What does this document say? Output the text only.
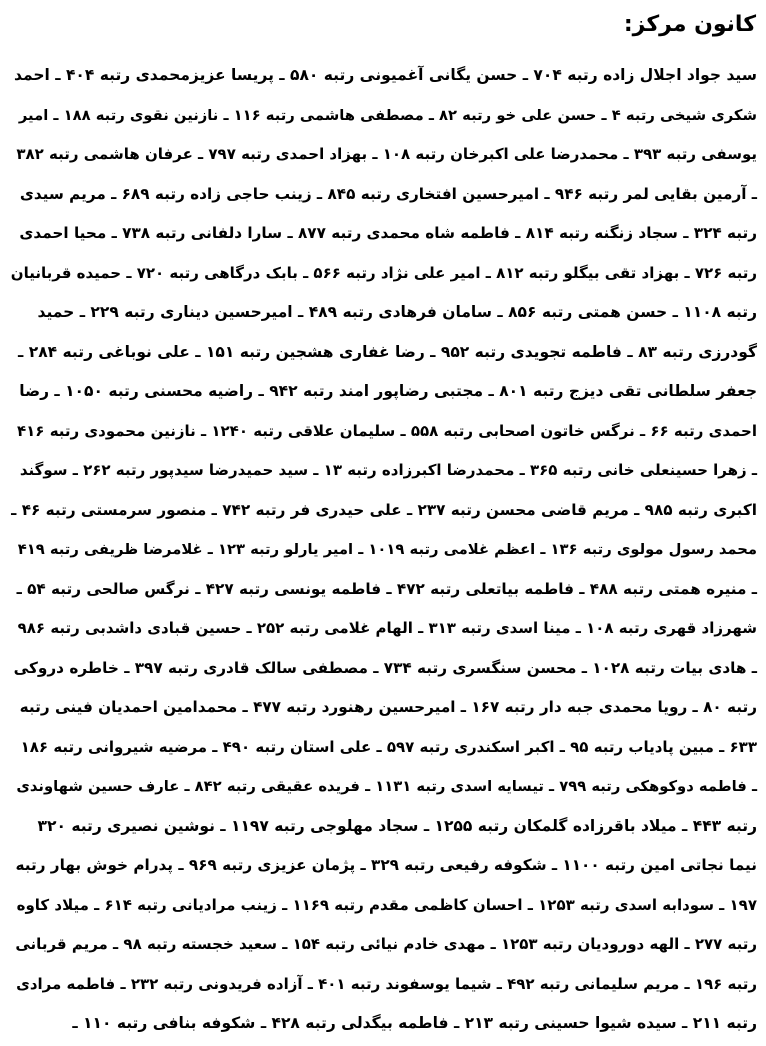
کانون مرکز:
سید جواد اجلال زاده رتبه ۷۰۴ ـ حسن یگانی آغمیونی رتبه ۵۸۰ ـ پریسا عزیزمحمدی رتبه ۴۰۴ ـ احمد
شکری شیخی رتبه ۴ ـ حسن علی خو رتبه ۸۲ ـ مصطفی هاشمی رتبه ۱۱۶ ـ نازنین نقوی رتبه ۱۸۸ ـ امیر
یوسفی رتبه ۳۹۳ ـ محمدرضا علی اکبرخان رتبه ۱۰۸ ـ بهزاد احمدی رتبه ۷۹۷ ـ عرفان هاشمی رتبه ۳۸۲
ـ آرمین بقایی لمر رتبه ۹۴۶ ـ امیرحسین افتخاری رتبه ۸۴۵ ـ زینب حاجی زاده رتبه ۶۸۹ ـ مریم سیدی
رتبه ۳۲۴ ـ سجاد زنگنه رتبه ۸۱۴ ـ فاطمه شاه محمدی رتبه ۸۷۷ ـ سارا دلفانی رتبه ۷۳۸ ـ محیا احمدی
رتبه ۷۲۶ ـ بهزاد تقی بیگلو رتبه ۸۱۲ ـ امیر علی نژاد رتبه ۵۶۶ ـ بابک درگاهی رتبه ۷۲۰ ـ حمیده قربانیان
رتبه ۱۱۰۸ ـ حسن همتی رتبه ۸۵۶ ـ سامان فرهادی رتبه ۴۸۹ ـ امیرحسین دیناری رتبه ۲۲۹ ـ حمید
گودرزی رتبه ۸۳ ـ فاطمه تجویدی رتبه ۹۵۲ ـ رضا غفاری هشجین رتبه ۱۵۱ ـ علی نوباغی رتبه ۲۸۴ ـ
جعفر سلطانی تقی دیزج رتبه ۸۰۱ ـ مجتبی رضاپور امند رتبه ۹۴۲ ـ راضیه محسنی رتبه ۱۰۵۰ ـ رضا
احمدی رتبه ۶۶ ـ نرگس خاتون اصحابی رتبه ۵۵۸ ـ سلیمان علاقی رتبه ۱۲۴۰ ـ نازنین محمودی رتبه ۴۱۶
ـ زهرا حسینعلی خانی رتبه ۳۶۵ ـ محمدرضا اکبرزاده رتبه ۱۳ ـ سید حمیدرضا سیدپور رتبه ۲۶۲ ـ سوگند
اکبری رتبه ۹۸۵ ـ مریم قاضی محسن رتبه ۲۳۷ ـ علی حیدری فر رتبه ۷۴۲ ـ منصور سرمستی رتبه ۴۶ ـ
محمد رسول مولوی رتبه ۱۳۶ ـ اعظم غلامی رتبه ۱۰۱۹ ـ امیر یارلو رتبه ۱۲۳ ـ غلامرضا ظریفی رتبه ۴۱۹
ـ منیره همتی رتبه ۴۸۸ ـ فاطمه بیاتعلی رتبه ۴۷۲ ـ فاطمه یونسی رتبه ۴۲۷ ـ نرگس صالحی رتبه ۵۴ ـ
شهرزاد قهری رتبه ۱۰۸ ـ مینا اسدی رتبه ۳۱۳ ـ الهام غلامی رتبه ۲۵۲ ـ حسین قبادی داشدبی رتبه ۹۸۶
ـ هادی بیات رتبه ۱۰۲۸ ـ محسن سنگسری رتبه ۷۳۴ ـ مصطفی سالک قادری رتبه ۳۹۷ ـ خاطره دروکی
رتبه ۸۰ ـ رویا محمدی جبه دار رتبه ۱۶۷ ـ امیرحسین رهنورد رتبه ۴۷۷ ـ محمدامین احمدیان فینی رتبه
۶۳۳ ـ مبین پادیاب رتبه ۹۵ ـ اکبر اسکندری رتبه ۵۹۷ ـ علی استان رتبه ۴۹۰ ـ مرضیه شیروانی رتبه ۱۸۶
ـ فاطمه دوکوهکی رتبه ۷۹۹ ـ تیسایه اسدی رتبه ۱۱۳۱ ـ فریده عقیقی رتبه ۸۴۲ ـ عارف حسین شهاوندی
رتبه ۴۴۳ ـ میلاد باقرزاده گلمکان رتبه ۱۲۵۵ ـ سجاد مهلوجی رتبه ۱۱۹۷ ـ نوشین نصیری رتبه ۳۲۰
نیما نجاتی امین رتبه ۱۱۰۰ ـ شکوفه رفیعی رتبه ۳۲۹ ـ پژمان عزیزی رتبه ۹۶۹ ـ پدرام خوش بهار رتبه
۱۹۷ ـ سودابه اسدی رتبه ۱۲۵۳ ـ احسان کاظمی مقدم رتبه ۱۱۶۹ ـ زینب مرادیانی رتبه ۶۱۴ ـ میلاد کاوه
رتبه ۲۷۷ ـ الهه دورودیان رتبه ۱۲۵۳ ـ مهدی خادم نیائی رتبه ۱۵۴ ـ سعید خجسته رتبه ۹۸ ـ مریم قربانی
رتبه ۱۹۶ ـ مریم سلیمانی رتبه ۴۹۲ ـ شیما یوسفوند رتبه ۴۰۱ ـ آزاده فریدونی رتبه ۲۳۲ ـ فاطمه مرادی
رتبه ۲۱۱ ـ سیده شیوا حسینی رتبه ۲۱۳ ـ فاطمه بیگدلی رتبه ۴۲۸ ـ شکوفه بنافی رتبه ۱۱۰ ـ
